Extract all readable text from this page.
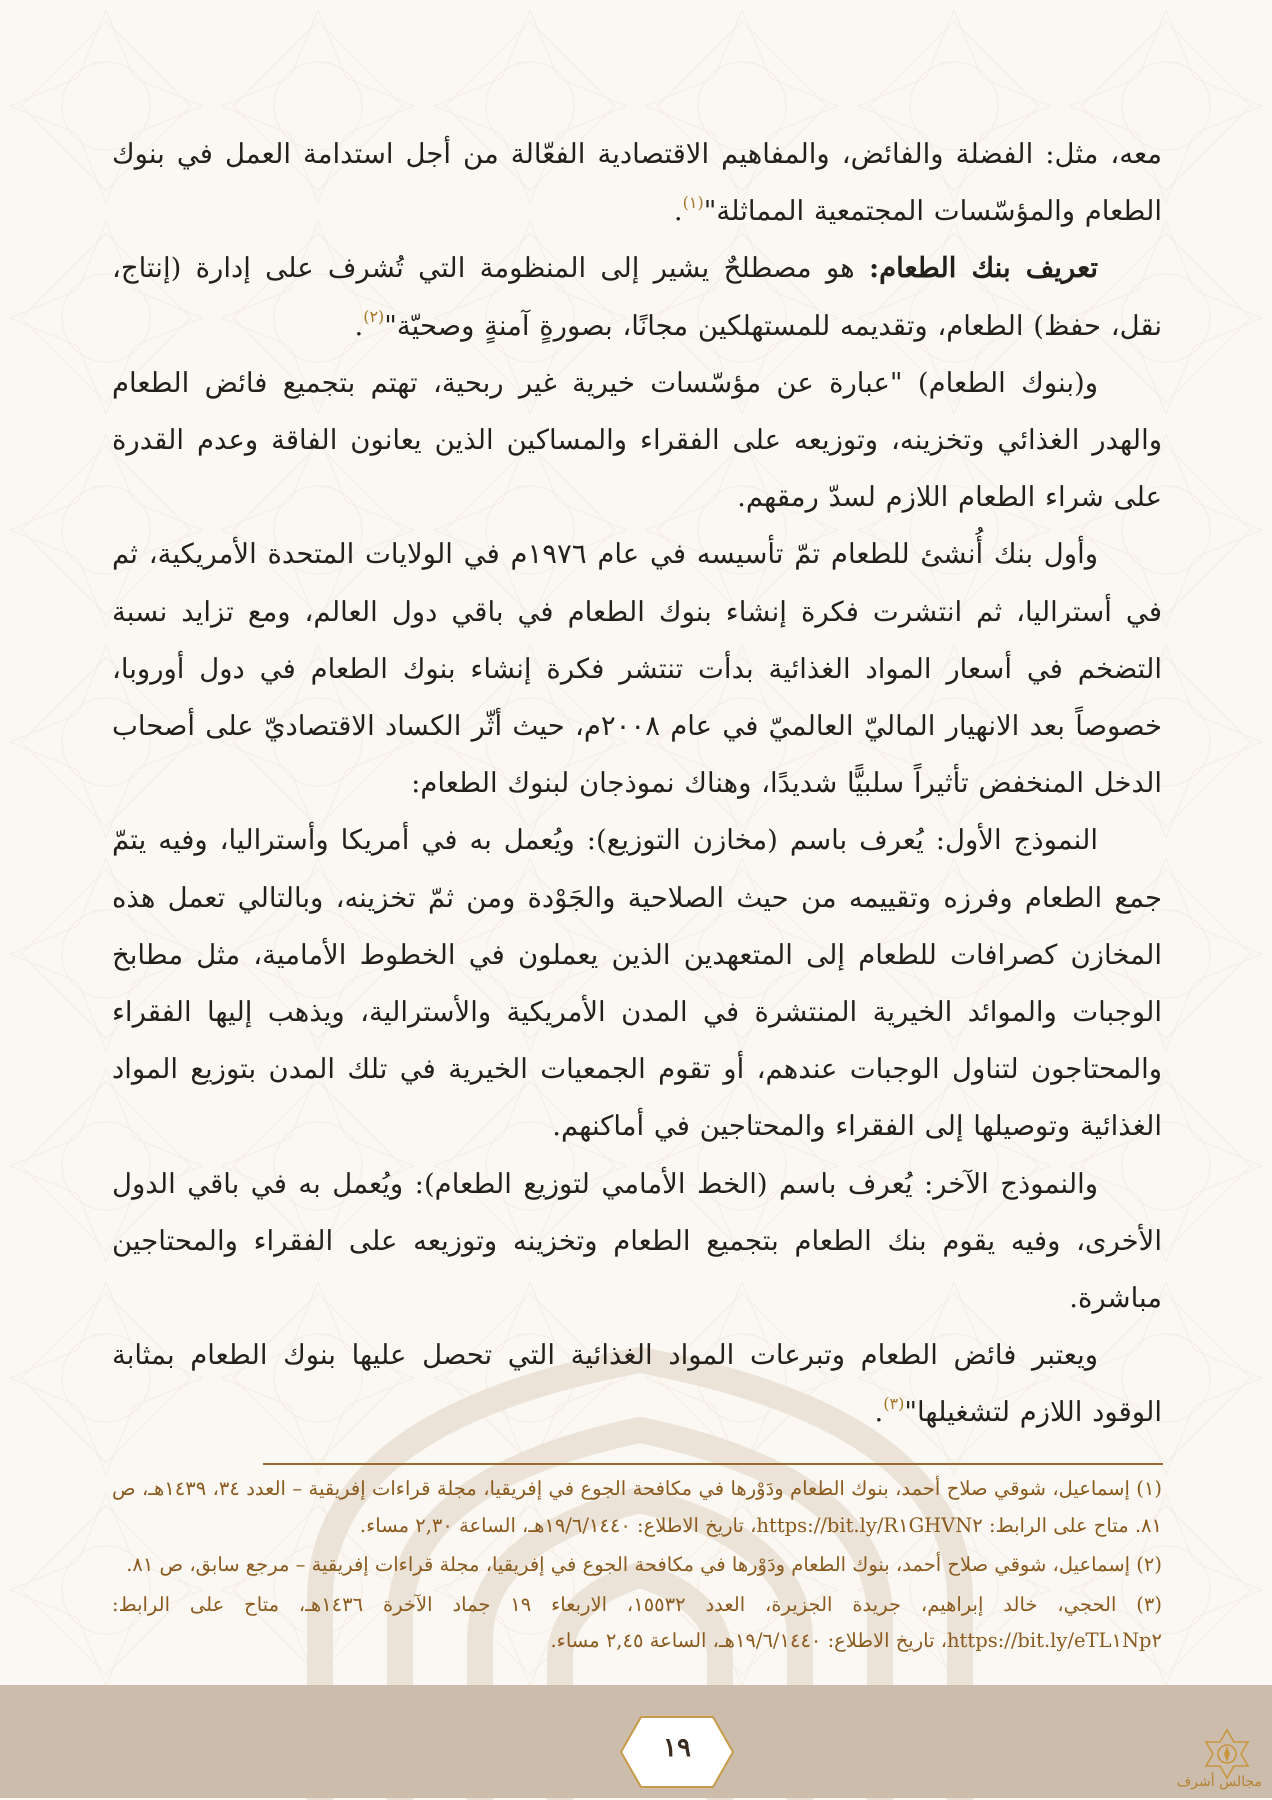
معه، مثل: الفضلة والفائض، والمفاهيم الاقتصادية الفعّالة من أجل استدامة العمل في بنوك الطعام والمؤسّسات المجتمعية المماثلة"$^{(١)}$.

تعريف بنك الطعام: هو مصطلحٌ يشير إلى المنظومة التي تُشرف على إدارة (إنتاج، نقل، حفظ) الطعام، وتقديمه للمستهلكين مجانًا، بصورةٍ آمنةٍ وصحيّة"$^{(٢)}$.

و(بنوك الطعام) "عبارة عن مؤسّسات خيرية غير ربحية، تهتم بتجميع فائض الطعام والهدر الغذائي وتخزينه، وتوزيعه على الفقراء والمساكين الذين يعانون الفاقة وعدم القدرة على شراء الطعام اللازم لسدّ رمقهم.

وأول بنك أُنشئ للطعام تمّ تأسيسه في عام ١٩٧٦م في الولايات المتحدة الأمريكية، ثم في أستراليا، ثم انتشرت فكرة إنشاء بنوك الطعام في باقي دول العالم، ومع تزايد نسبة التضخم في أسعار المواد الغذائية بدأت تنتشر فكرة إنشاء بنوك الطعام في دول أوروبا، خصوصاً بعد الانهيار الماليّ العالميّ في عام ٢٠٠٨م، حيث أثّر الكساد الاقتصاديّ على أصحاب الدخل المنخفض تأثيراً سلبيًّا شديدًا، وهناك نموذجان لبنوك الطعام:

النموذج الأول: يُعرف باسم (مخازن التوزيع): ويُعمل به في أمريكا وأستراليا، وفيه يتمّ جمع الطعام وفرزه وتقييمه من حيث الصلاحية والجَوْدة ومن ثمّ تخزينه، وبالتالي تعمل هذه المخازن كصرافات للطعام إلى المتعهدين الذين يعملون في الخطوط الأمامية، مثل مطابخ الوجبات والموائد الخيرية المنتشرة في المدن الأمريكية والأسترالية، ويذهب إليها الفقراء والمحتاجون لتناول الوجبات عندهم، أو تقوم الجمعيات الخيرية في تلك المدن بتوزيع المواد الغذائية وتوصيلها إلى الفقراء والمحتاجين في أماكنهم.

والنموذج الآخر: يُعرف باسم (الخط الأمامي لتوزيع الطعام): ويُعمل به في باقي الدول الأخرى، وفيه يقوم بنك الطعام بتجميع الطعام وتخزينه وتوزيعه على الفقراء والمحتاجين مباشرة.

ويعتبر فائض الطعام وتبرعات المواد الغذائية التي تحصل عليها بنوك الطعام بمثابة الوقود اللازم لتشغيلها"$^{(٣)}$.

(١) إسماعيل، شوقي صلاح أحمد، بنوك الطعام ودَوْرها في مكافحة الجوع في إفريقيا، مجلة قراءات إفريقية – العدد ٣٤، ١٤٣٩هـ، ص ٨١. متاح على الرابط: https://bit.ly/R١GHVN٢، تاريخ الاطلاع: ١٩/٦/١٤٤٠هـ، الساعة ٢,٣٠ مساء.

(٢) إسماعيل، شوقي صلاح أحمد، بنوك الطعام ودَوْرها في مكافحة الجوع في إفريقيا، مجلة قراءات إفريقية – مرجع سابق، ص ٨١.

(٣) الحجي، خالد إبراهيم، جريدة الجزيرة، العدد ١٥٥٣٢، الاربعاء ١٩ جماد الآخرة ١٤٣٦هـ، متاح على الرابط: https://bit.ly/eTL١Np٢، تاريخ الاطلاع: ١٩/٦/١٤٤٠هـ، الساعة ٢,٤٥ مساء.

١٩
مجالس أشرف
